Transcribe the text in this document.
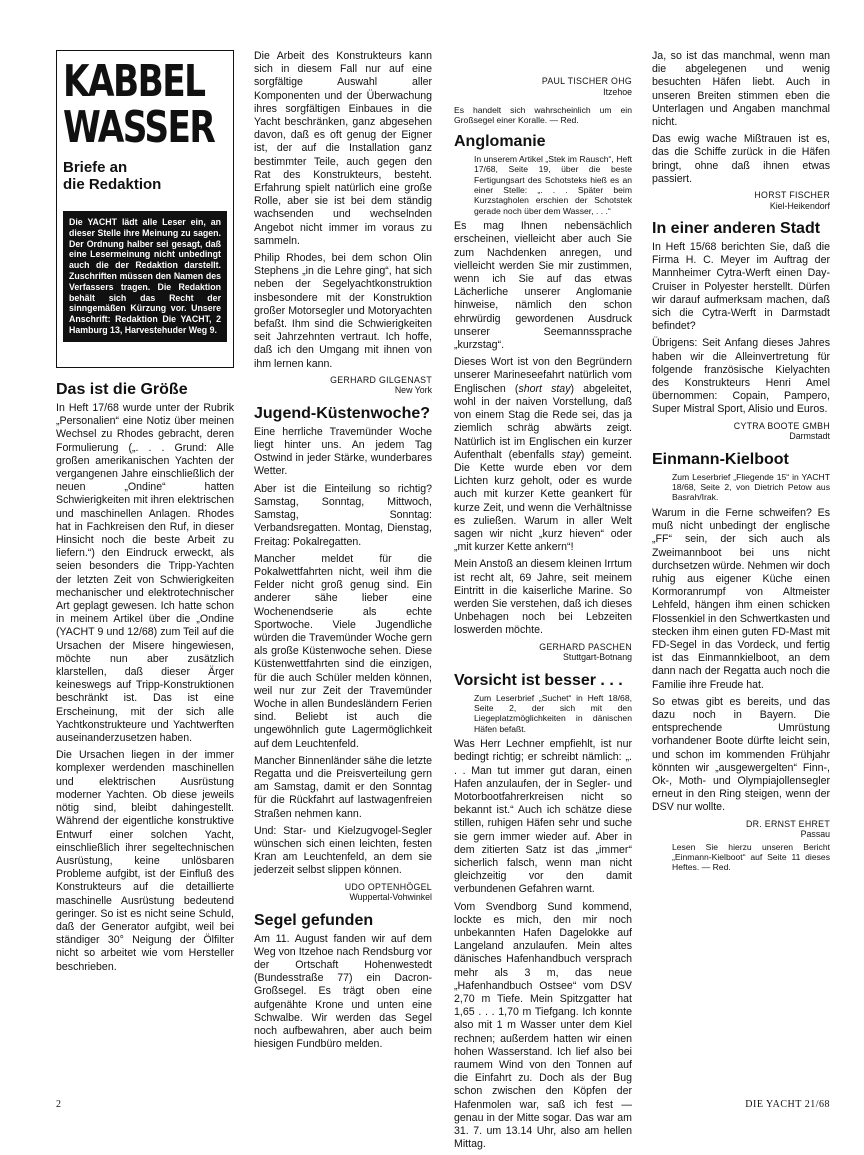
KABBEL
WASSER
Briefe an
die Redaktion
Die YACHT lädt alle Leser ein, an dieser Stelle ihre Meinung zu sagen. Der Ordnung halber sei gesagt, daß eine Lesermeinung nicht unbedingt auch die der Redaktion darstellt. Zuschriften müssen den Namen des Verfassers tragen. Die Redaktion behält sich das Recht der sinngemäßen Kürzung vor. Unsere Anschrift: Redaktion Die YACHT, 2 Hamburg 13, Harvestehuder Weg 9.
Das ist die Größe

In Heft 17/68 wurde unter der Rubrik „Personalien“ eine Notiz über meinen Wechsel zu Rhodes gebracht, deren Formulierung („. . . Grund: Alle großen amerikanischen Yachten der vergangenen Jahre einschließlich der neuen „Ondine“ hatten Schwierigkeiten mit ihren elektrischen und maschinellen Anlagen. Rhodes hat in Fachkreisen den Ruf, in dieser Hinsicht noch die beste Arbeit zu liefern.“) den Eindruck erweckt, als seien besonders die Tripp-Yachten der letzten Zeit von Schwierigkeiten mechanischer und elektrotechnischer Art geplagt gewesen. Ich hatte schon in meinem Artikel über die „Ondine (YACHT 9 und 12/68) zum Teil auf die Ursachen der Misere hingewiesen, möchte nun aber zusätzlich klarstellen, daß dieser Ärger keineswegs auf Tripp-Konstruktionen beschränkt ist. Das ist eine Erscheinung, mit der sich alle Yachtkonstrukteure und Yachtwerften auseinanderzusetzen haben.

Die Ursachen liegen in der immer komplexer werdenden maschinellen und elektrischen Ausrüstung moderner Yachten. Ob diese jeweils nötig sind, bleibt dahingestellt. Während der eigentliche konstruktive Entwurf einer solchen Yacht, einschließlich ihrer segeltechnischen Ausrüstung, keine unlösbaren Probleme aufgibt, ist der Einfluß des Konstrukteurs auf die detaillierte maschinelle Ausrüstung bedeutend geringer. So ist es nicht seine Schuld, daß der Generator aufgibt, weil bei ständiger 30° Neigung der Ölfilter nicht so arbeitet wie vom Hersteller beschrieben.

Die Arbeit des Konstrukteurs kann sich in diesem Fall nur auf eine sorgfältige Auswahl aller Komponenten und der Überwachung ihres sorgfältigen Einbaues in die Yacht beschränken, ganz abgesehen davon, daß es oft genug der Eigner ist, der auf die Installation ganz bestimmter Teile, auch gegen den Rat des Konstrukteurs, besteht. Erfahrung spielt natürlich eine große Rolle, aber sie ist bei dem ständig wachsenden und wechselnden Angebot nicht immer im voraus zu sammeln.

Philip Rhodes, bei dem schon Olin Stephens „in die Lehre ging“, hat sich neben der Segelyachtkonstruktion insbesondere mit der Konstruktion großer Motorsegler und Motoryachten befaßt. Ihm sind die Schwierigkeiten seit Jahrzehnten vertraut. Ich hoffe, daß ich den Umgang mit ihnen von ihm lernen kann.

GERHARD GILGENAST
New York
Jugend-Küstenwoche?

Eine herrliche Travemünder Woche liegt hinter uns. An jedem Tag Ostwind in jeder Stärke, wunderbares Wetter.

Aber ist die Einteilung so richtig? Samstag, Sonntag, Mittwoch, Samstag, Sonntag: Verbandsregatten. Montag, Dienstag, Freitag: Pokalregatten.

Mancher meldet für die Pokalwettfahrten nicht, weil ihm die Felder nicht groß genug sind. Ein anderer sähe lieber eine Wochenendserie als echte Sportwoche. Viele Jugendliche würden die Travemünder Woche gern als große Küstenwoche sehen. Diese Küstenwettfahrten sind die einzigen, für die auch Schüler melden können, weil nur zur Zeit der Travemünder Woche in allen Bundesländern Ferien sind. Beliebt ist auch die ungewöhnlich gute Lagermöglichkeit auf dem Leuchtenfeld.

Mancher Binnenländer sähe die letzte Regatta und die Preisverteilung gern am Samstag, damit er den Sonntag für die Rückfahrt auf lastwagenfreien Straßen nehmen kann.

Und: Star- und Kielzugvogel-Segler wünschen sich einen leichten, festen Kran am Leuchtenfeld, an dem sie jederzeit selbst slippen können.

UDO OPTENHÖGEL
Wuppertal-Vohwinkel
Segel gefunden

Am 11. August fanden wir auf dem Weg von Itzehoe nach Rendsburg vor der Ortschaft Hohenwestedt (Bundesstraße 77) ein Dacron-Großsegel. Es trägt oben eine aufgenähte Krone und unten eine Schwalbe. Wir werden das Segel noch aufbewahren, aber auch beim hiesigen Fundbüro melden.

PAUL TISCHER OHG
Itzehoe

Es handelt sich wahrscheinlich um ein Großsegel einer Koralle. — Red.

Anglomanie

In unserem Artikel „Stek im Rausch“, Heft 17/68, Seite 19, über die beste Fertigungsart des Schotsteks hieß es an einer Stelle: „. . . Später beim Kurzstagholen erschien der Schotstek gerade noch über dem Wasser, . . .“

Es mag Ihnen nebensächlich erscheinen, vielleicht aber auch Sie zum Nachdenken anregen, und vielleicht werden Sie mir zustimmen, wenn ich Sie auf das etwas Lächerliche unserer Anglomanie hinweise, nämlich den schon ehrwürdig gewordenen Ausdruck unserer Seemannssprache „kurzstag“.

Dieses Wort ist von den Begründern unserer Marineseefahrt natürlich vom Englischen (short stay) abgeleitet, wohl in der naiven Vorstellung, daß von einem Stag die Rede sei, das ja ziemlich schräg abwärts zeigt. Natürlich ist im Englischen ein kurzer Aufenthalt (ebenfalls stay) gemeint. Die Kette wurde eben vor dem Lichten kurz geholt, oder es wurde auch mit kurzer Kette geankert für kurze Zeit, und wenn die Verhältnisse es zuließen. Warum in aller Welt sagen wir nicht „kurz hieven“ oder „mit kurzer Kette ankern“!

Mein Anstoß an diesem kleinen Irrtum ist recht alt, 69 Jahre, seit meinem Eintritt in die kaiserliche Marine. So werden Sie verstehen, daß ich dieses Unbehagen noch bei Lebzeiten loswerden möchte.

GERHARD PASCHEN
Stuttgart-Botnang
Vorsicht ist besser . . .

Zum Leserbrief „Suchet“ in Heft 18/68, Seite 2, der sich mit den Liegeplatzmöglichkeiten in dänischen Häfen befaßt.

Was Herr Lechner empfiehlt, ist nur bedingt richtig; er schreibt nämlich: „. . . Man tut immer gut daran, einen Hafen anzulaufen, der in Segler- und Motorbootfahrerkreisen nicht so bekannt ist.“ Auch ich schätze diese stillen, ruhigen Häfen sehr und suche sie gern immer wieder auf. Aber in dem zitierten Satz ist das „immer“ sicherlich falsch, wenn man nicht gleichzeitig vor den damit verbundenen Gefahren warnt.

Vom Svendborg Sund kommend, lockte es mich, den mir noch unbekannten Hafen Dagelokke auf Langeland anzulaufen. Mein altes dänisches Hafenhandbuch versprach mehr als 3 m, das neue „Hafenhandbuch Ostsee“ vom DSV 2,70 m Tiefe. Mein Spitzgatter hat 1,65 . . . 1,70 m Tiefgang. Ich konnte also mit 1 m Wasser unter dem Kiel rechnen; außerdem hatten wir einen hohen Wasserstand. Ich lief also bei raumem Wind von den Tonnen auf die Einfahrt zu. Doch als der Bug schon zwischen den Köpfen der Hafenmolen war, saß ich fest — genau in der Mitte sogar. Das war am 31. 7. um 13.14 Uhr, also am hellen Mittag.

Ja, so ist das manchmal, wenn man die abgelegenen und wenig besuchten Häfen liebt. Auch in unseren Breiten stimmen eben die Unterlagen und Angaben manchmal nicht.

Das ewig wache Mißtrauen ist es, das die Schiffe zurück in die Häfen bringt, ohne daß ihnen etwas passiert.

HORST FISCHER
Kiel-Heikendorf
In einer anderen Stadt

In Heft 15/68 berichten Sie, daß die Firma H. C. Meyer im Auftrag der Mannheimer Cytra-Werft einen Day-Cruiser in Polyester herstellt. Dürfen wir darauf aufmerksam machen, daß sich die Cytra-Werft in Darmstadt befindet?

Übrigens: Seit Anfang dieses Jahres haben wir die Alleinvertretung für folgende französische Kielyachten des Konstrukteurs Henri Amel übernommen: Copain, Pampero, Super Mistral Sport, Alisio und Euros.

CYTRA BOOTE GMBH
Darmstadt
Einmann-Kielboot

Zum Leserbrief „Fliegende 15“ in YACHT 18/68, Seite 2, von Dietrich Petow aus Basrah/Irak.

Warum in die Ferne schweifen? Es muß nicht unbedingt der englische „FF“ sein, der sich auch als Zweimannboot bei uns nicht durchsetzen würde. Nehmen wir doch ruhig aus eigener Küche einen Kormoranrumpf von Altmeister Lehfeld, hängen ihm einen schicken Flossenkiel in den Schwertkasten und stecken ihm einen guten FD-Mast mit FD-Segel in das Vordeck, und fertig ist das Einmannkielboot, an dem dann nach der Regatta auch noch die Familie ihre Freude hat.

So etwas gibt es bereits, und das dazu noch in Bayern. Die entsprechende Umrüstung vorhandener Boote dürfte leicht sein, und schon im kommenden Frühjahr könnten wir „ausgewergelten“ Finn-, Ok-, Moth- und Olympiajollensegler erneut in den Ring steigen, wenn der DSV nur wollte.

DR. ERNST EHRET
Passau

Lesen Sie hierzu unseren Bericht „Einmann-Kielboot“ auf Seite 11 dieses Heftes. — Red.

2	DIE YACHT 21/68
